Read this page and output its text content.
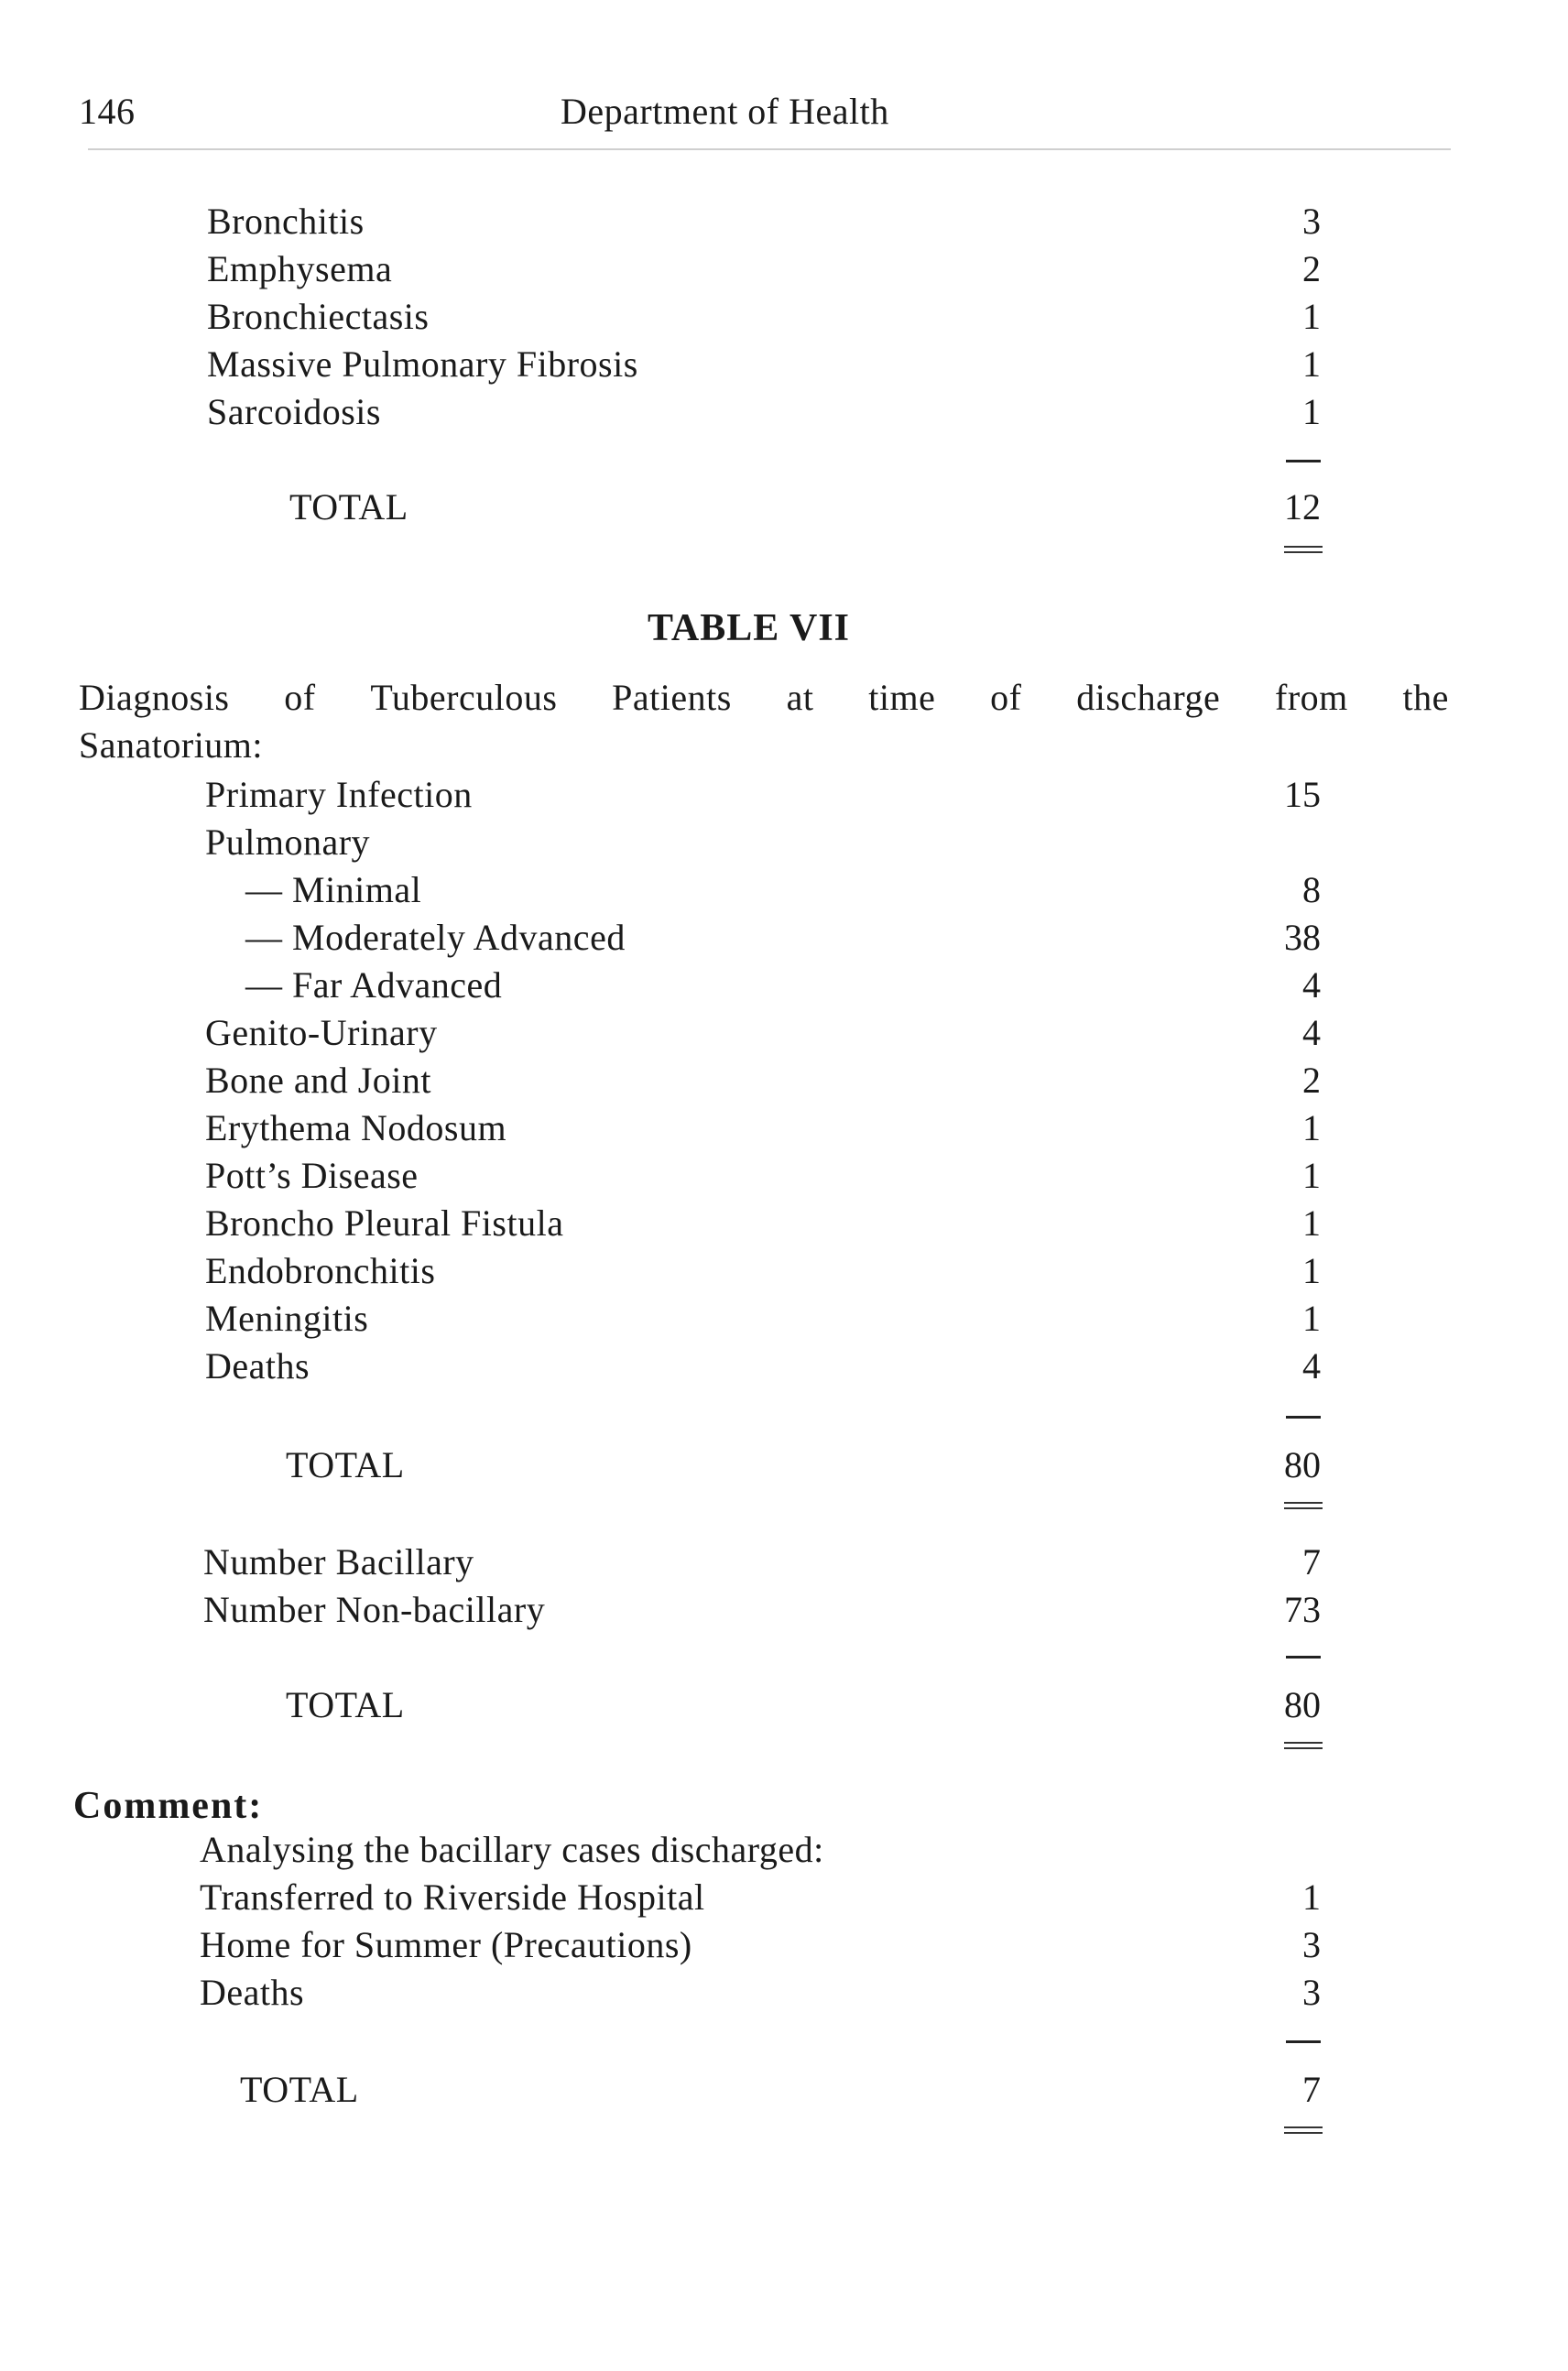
146	Department of Health
Bronchitis	3
Emphysema	2
Bronchiectasis	1
Massive Pulmonary Fibrosis	1
Sarcoidosis	1
TOTAL	12
TABLE VII
Diagnosis of Tuberculous Patients at time of discharge from the
Sanatorium:
Primary Infection	15
Pulmonary
— Minimal	8
— Moderately Advanced	38
— Far Advanced	4
Genito-Urinary	4
Bone and Joint	2
Erythema Nodosum	1
Pott’s Disease	1
Broncho Pleural Fistula	1
Endobronchitis	1
Meningitis	1
Deaths	4
TOTAL	80
Number Bacillary	7
Number Non-bacillary	73
TOTAL	80
Comment:
Analysing the bacillary cases discharged:
Transferred to Riverside Hospital	1
Home for Summer (Precautions)	3
Deaths	3
TOTAL	7
